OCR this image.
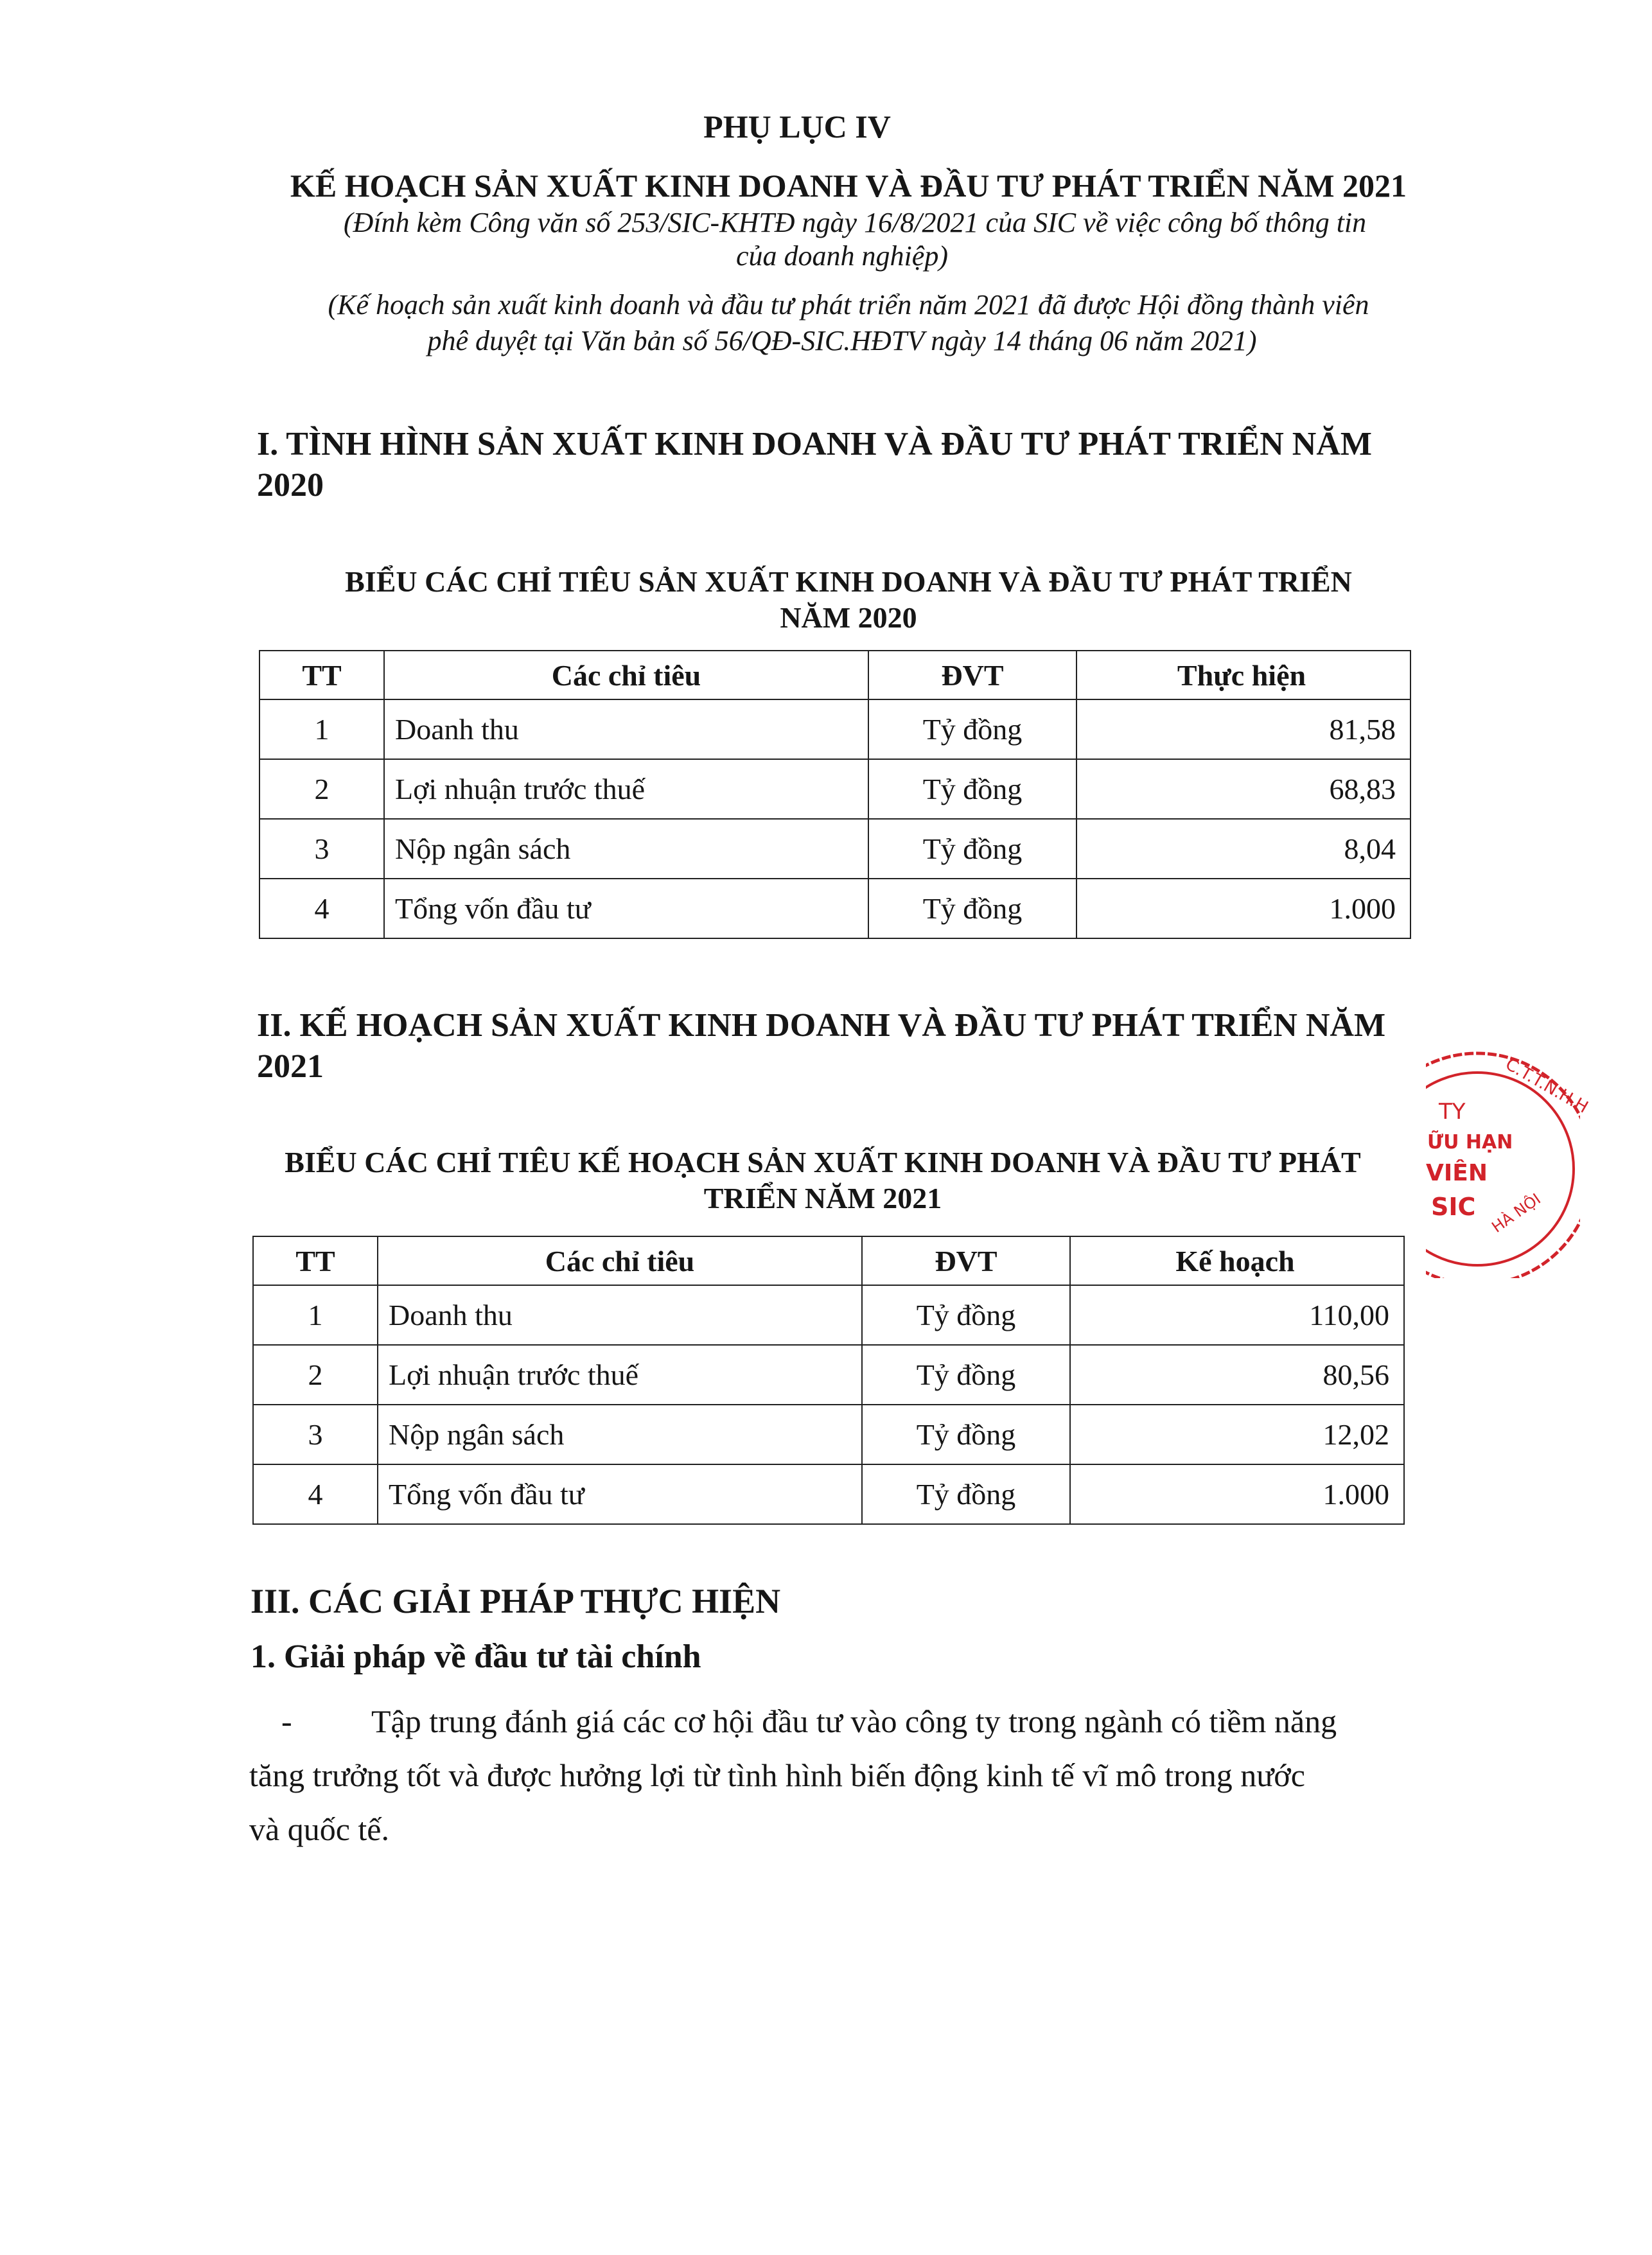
PHỤ LỤC IV
KẾ HOẠCH SẢN XUẤT KINH DOANH VÀ ĐẦU TƯ PHÁT TRIỂN NĂM 2021
(Đính kèm Công văn số 253/SIC-KHTĐ ngày 16/8/2021 của SIC về việc công bố thông tin
của doanh nghiệp)
(Kế hoạch sản xuất kinh doanh và đầu tư phát triển năm 2021 đã được Hội đồng thành viên
phê duyệt tại Văn bản số 56/QĐ-SIC.HĐTV ngày 14 tháng 06 năm 2021)
I. TÌNH HÌNH SẢN XUẤT KINH DOANH VÀ ĐẦU TƯ PHÁT TRIỂN NĂM
2020
BIỂU CÁC CHỈ TIÊU SẢN XUẤT KINH DOANH VÀ ĐẦU TƯ PHÁT TRIỂN
NĂM 2020
TT	Các chỉ tiêu	ĐVT	Thực hiện
1	Doanh thu	Tỷ đồng	81,58
2	Lợi nhuận trước thuế	Tỷ đồng	68,83
3	Nộp ngân sách	Tỷ đồng	8,04
4	Tổng vốn đầu tư	Tỷ đồng	1.000
II. KẾ HOẠCH SẢN XUẤT KINH DOANH VÀ ĐẦU TƯ PHÁT TRIỂN NĂM
2021
BIỂU CÁC CHỈ TIÊU KẾ HOẠCH SẢN XUẤT KINH DOANH VÀ ĐẦU TƯ PHÁT
TRIỂN NĂM 2021
TT	Các chỉ tiêu	ĐVT	Kế hoạch
1	Doanh thu	Tỷ đồng	110,00
2	Lợi nhuận trước thuế	Tỷ đồng	80,56
3	Nộp ngân sách	Tỷ đồng	12,02
4	Tổng vốn đầu tư	Tỷ đồng	1.000
III. CÁC GIẢI PHÁP THỰC HIỆN
1. Giải pháp về đầu tư tài chính
- Tập trung đánh giá các cơ hội đầu tư vào công ty trong ngành có tiềm năng
tăng trưởng tốt và được hưởng lợi từ tình hình biến động kinh tế vĩ mô trong nước
và quốc tế.
C.T.T.N.H.H
TY
ỮU HẠN
VIÊN
SIC HÀ NỘI
